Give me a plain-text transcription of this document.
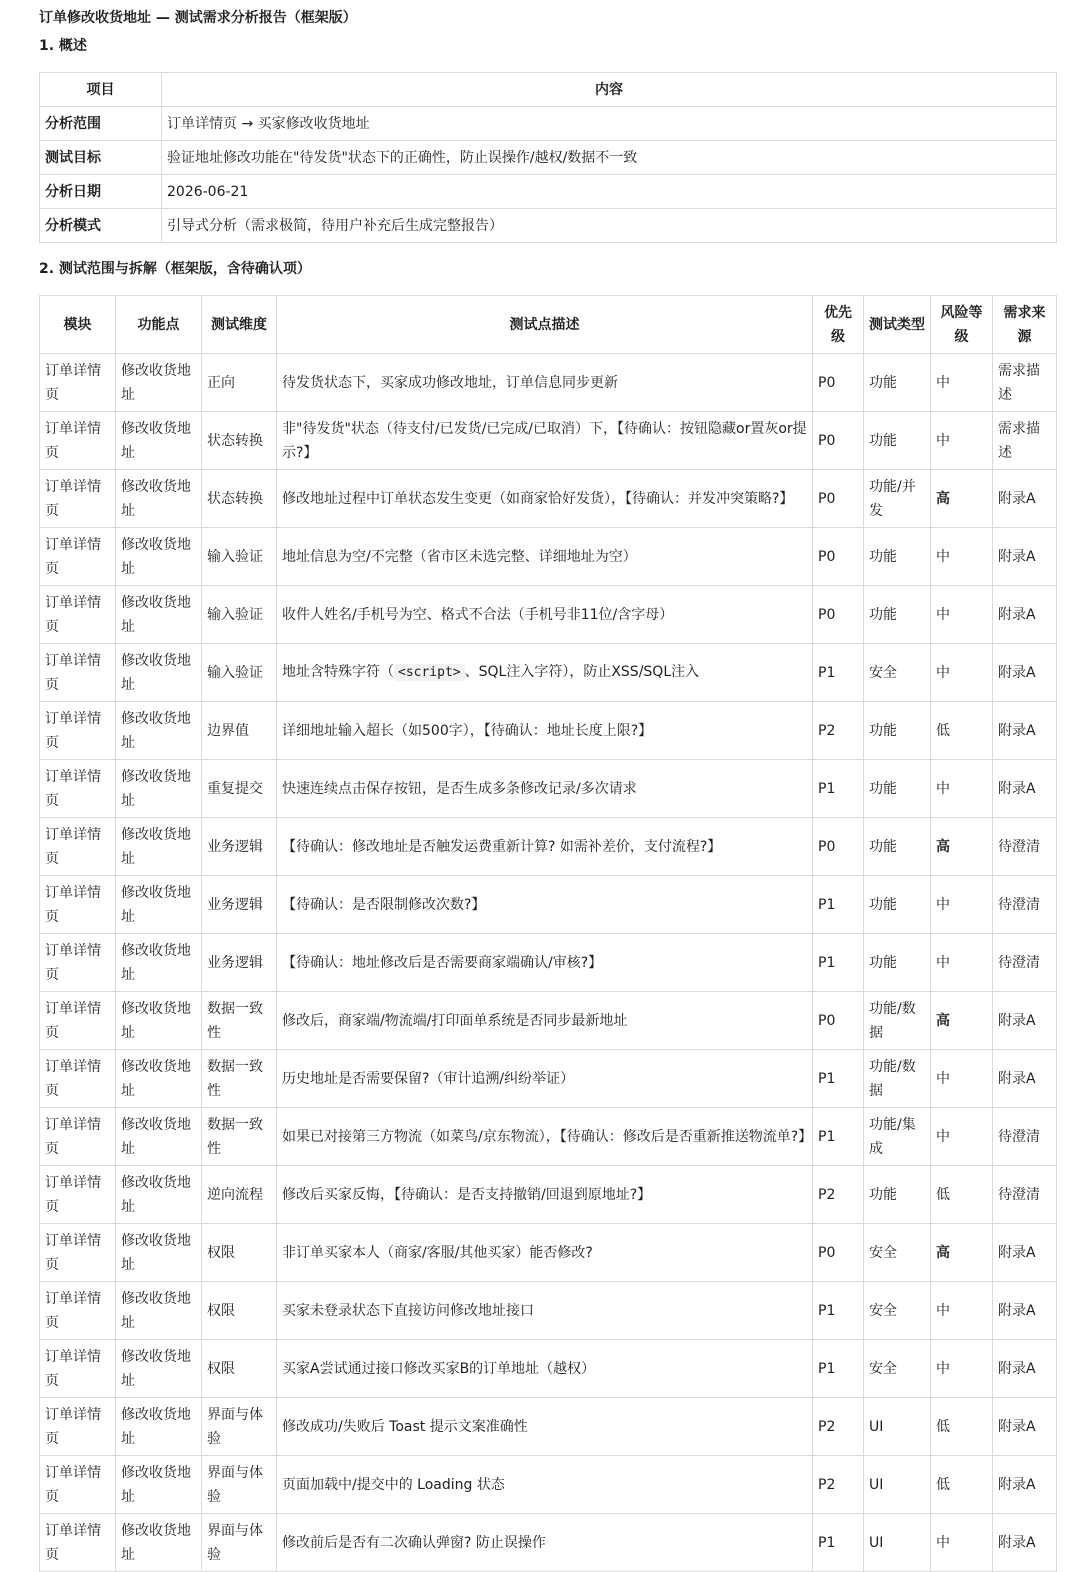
订单修改收货地址 — 测试需求分析报告（框架版）
1. 概述
项目	内容
分析范围	订单详情页 → 买家修改收货地址
测试目标	验证地址修改功能在"待发货"状态下的正确性，防止误操作/越权/数据不一致
分析日期	2026-06-21
分析模式	引导式分析（需求极简，待用户补充后生成完整报告）
2. 测试范围与拆解（框架版，含待确认项）
模块	功能点	测试维度	测试点描述	优先级	测试类型	风险等级	需求来源
订单详情页	修改收货地址	正向	待发货状态下，买家成功修改地址，订单信息同步更新	P0	功能	中	需求描述
订单详情页	修改收货地址	状态转换	非"待发货"状态（待支付/已发货/已完成/已取消）下，【待确认：按钮隐藏or置灰or提示?】	P0	功能	中	需求描述
订单详情页	修改收货地址	状态转换	修改地址过程中订单状态发生变更（如商家恰好发货），【待确认：并发冲突策略?】	P0	功能/并发	高	附录A
订单详情页	修改收货地址	输入验证	地址信息为空/不完整（省市区未选完整、详细地址为空）	P0	功能	中	附录A
订单详情页	修改收货地址	输入验证	收件人姓名/手机号为空、格式不合法（手机号非11位/含字母）	P0	功能	中	附录A
订单详情页	修改收货地址	输入验证	地址含特殊字符（ <script> 、SQL注入字符），防止XSS/SQL注入	P1	安全	中	附录A
订单详情页	修改收货地址	边界值	详细地址输入超长（如500字），【待确认：地址长度上限?】	P2	功能	低	附录A
订单详情页	修改收货地址	重复提交	快速连续点击保存按钮，是否生成多条修改记录/多次请求	P1	功能	中	附录A
订单详情页	修改收货地址	业务逻辑	【待确认：修改地址是否触发运费重新计算? 如需补差价，支付流程?】	P0	功能	高	待澄清
订单详情页	修改收货地址	业务逻辑	【待确认：是否限制修改次数?】	P1	功能	中	待澄清
订单详情页	修改收货地址	业务逻辑	【待确认：地址修改后是否需要商家端确认/审核?】	P1	功能	中	待澄清
订单详情页	修改收货地址	数据一致性	修改后，商家端/物流端/打印面单系统是否同步最新地址	P0	功能/数据	高	附录A
订单详情页	修改收货地址	数据一致性	历史地址是否需要保留?（审计追溯/纠纷举证）	P1	功能/数据	中	附录A
订单详情页	修改收货地址	数据一致性	如果已对接第三方物流（如菜鸟/京东物流），【待确认：修改后是否重新推送物流单?】	P1	功能/集成	中	待澄清
订单详情页	修改收货地址	逆向流程	修改后买家反悔，【待确认：是否支持撤销/回退到原地址?】	P2	功能	低	待澄清
订单详情页	修改收货地址	权限	非订单买家本人（商家/客服/其他买家）能否修改?	P0	安全	高	附录A
订单详情页	修改收货地址	权限	买家未登录状态下直接访问修改地址接口	P1	安全	中	附录A
订单详情页	修改收货地址	权限	买家A尝试通过接口修改买家B的订单地址（越权）	P1	安全	中	附录A
订单详情页	修改收货地址	界面与体验	修改成功/失败后 Toast 提示文案准确性	P2	UI	低	附录A
订单详情页	修改收货地址	界面与体验	页面加载中/提交中的 Loading 状态	P2	UI	低	附录A
订单详情页	修改收货地址	界面与体验	修改前后是否有二次确认弹窗? 防止误操作	P1	UI	中	附录A
